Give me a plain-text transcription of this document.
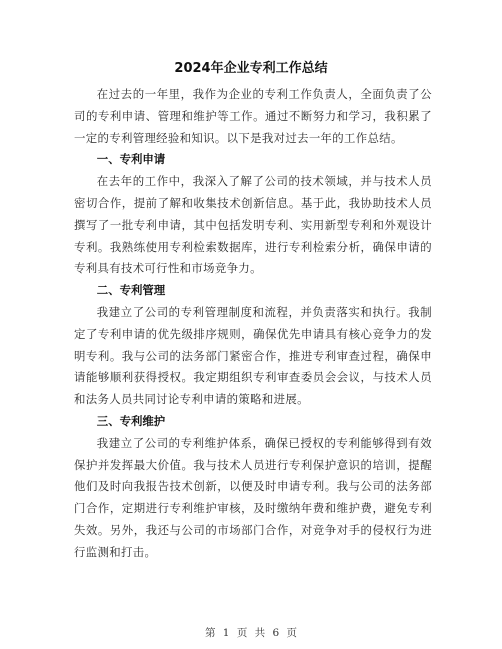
2024年企业专利工作总结

在过去的一年里，我作为企业的专利工作负责人，全面负责了公司的专利申请、管理和维护等工作。通过不断努力和学习，我积累了一定的专利管理经验和知识。以下是我对过去一年的工作总结。

一、专利申请

在去年的工作中，我深入了解了公司的技术领域，并与技术人员密切合作，提前了解和收集技术创新信息。基于此，我协助技术人员撰写了一批专利申请，其中包括发明专利、实用新型专利和外观设计专利。我熟练使用专利检索数据库，进行专利检索分析，确保申请的专利具有技术可行性和市场竞争力。

二、专利管理

我建立了公司的专利管理制度和流程，并负责落实和执行。我制定了专利申请的优先级排序规则，确保优先申请具有核心竞争力的发明专利。我与公司的法务部门紧密合作，推进专利审查过程，确保申请能够顺利获得授权。我定期组织专利审查委员会会议，与技术人员和法务人员共同讨论专利申请的策略和进展。

三、专利维护

我建立了公司的专利维护体系，确保已授权的专利能够得到有效保护并发挥最大价值。我与技术人员进行专利保护意识的培训，提醒他们及时向我报告技术创新，以便及时申请专利。我与公司的法务部门合作，定期进行专利维护审核，及时缴纳年费和维护费，避免专利失效。另外，我还与公司的市场部门合作，对竞争对手的侵权行为进行监测和打击。

第 1 页 共 6 页
